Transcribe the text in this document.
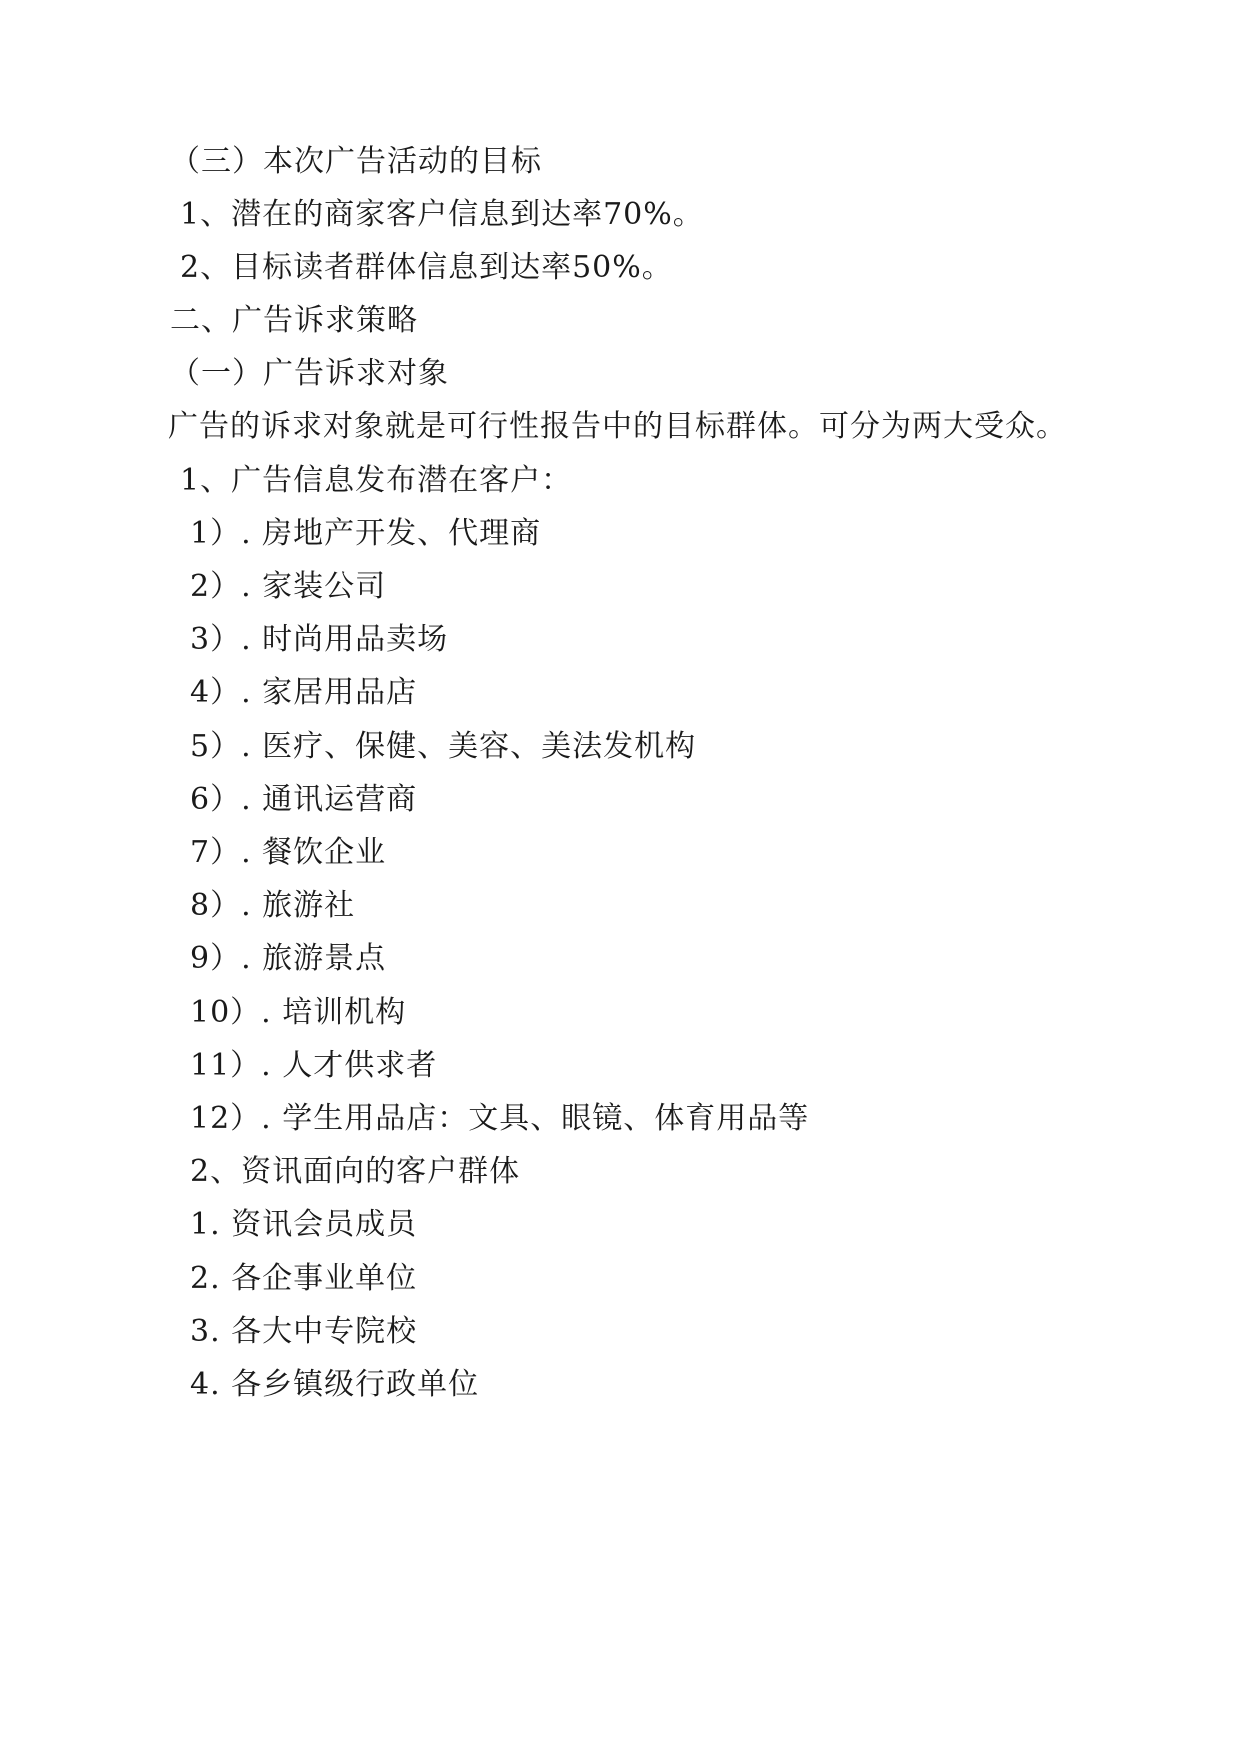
（三）本次广告活动的目标
1、潜在的商家客户信息到达率70%。
2、目标读者群体信息到达率50%。
二、广告诉求策略
（一）广告诉求对象
广告的诉求对象就是可行性报告中的目标群体。可分为两大受众。
1、广告信息发布潜在客户：
1）. 房地产开发、代理商
2）. 家装公司
3）. 时尚用品卖场
4）. 家居用品店
5）. 医疗、保健、美容、美法发机构
6）. 通讯运营商
7）. 餐饮企业
8）. 旅游社
9）. 旅游景点
10）. 培训机构
11）. 人才供求者
12）. 学生用品店：文具、眼镜、体育用品等
2、资讯面向的客户群体
1. 资讯会员成员
2. 各企事业单位
3. 各大中专院校
4. 各乡镇级行政单位
